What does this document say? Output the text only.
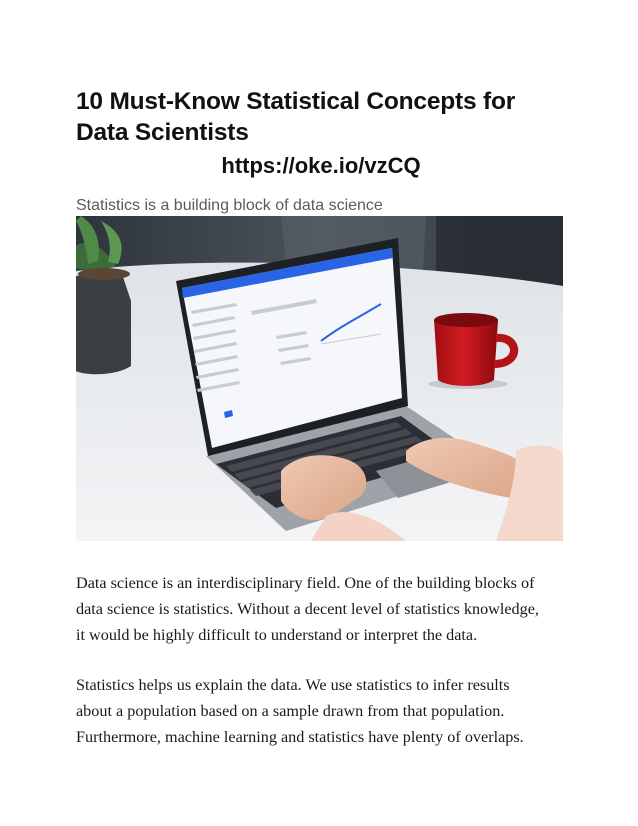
10 Must-Know Statistical Concepts for
Data Scientists
https://oke.io/vzCQ
Statistics is a building block of data science

Data science is an interdisciplinary field. One of the building blocks of
data science is statistics. Without a decent level of statistics knowledge,
it would be highly difficult to understand or interpret the data.

Statistics helps us explain the data. We use statistics to infer results
about a population based on a sample drawn from that population.
Furthermore, machine learning and statistics have plenty of overlaps.
